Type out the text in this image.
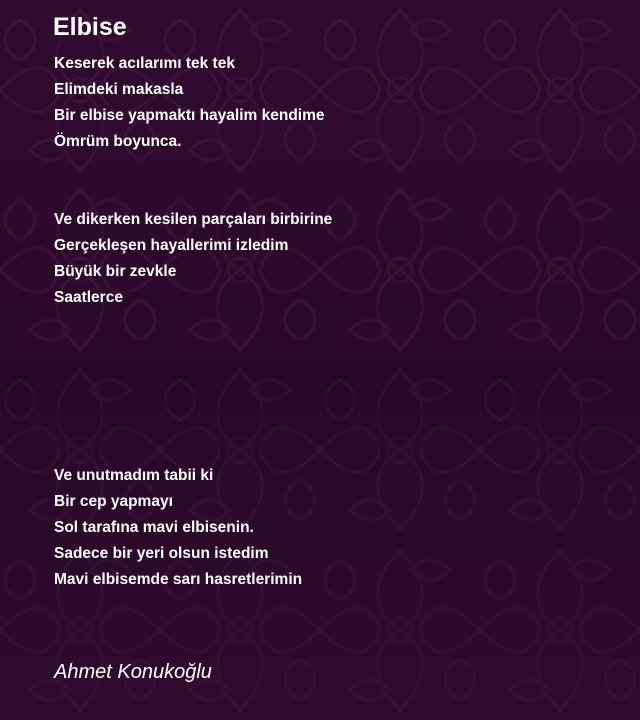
Elbise
Keserek acılarımı tek tek
Elimdeki makasla
Bir elbise yapmaktı hayalim kendime
Ömrüm boyunca.
Ve dikerken kesilen parçaları birbirine
Gerçekleşen hayallerimi izledim
Büyük bir zevkle
Saatlerce
Ve unutmadım tabii ki
Bir cep yapmayı
Sol tarafına mavi elbisenin.
Sadece bir yeri olsun istedim
Mavi elbisemde sarı hasretlerimin

Ahmet Konukoğlu
